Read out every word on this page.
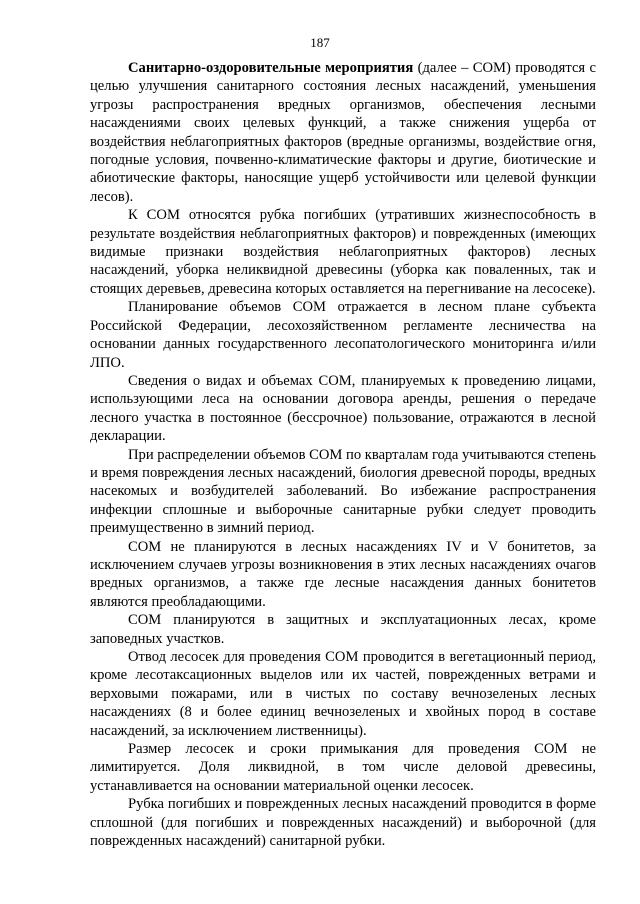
187

Санитарно-оздоровительные мероприятия (далее – СОМ) проводятся с целью улучшения санитарного состояния лесных насаждений, уменьшения угрозы распространения вредных организмов, обеспечения лесными насаждениями своих целевых функций, а также снижения ущерба от воздействия неблагоприятных факторов (вредные организмы, воздействие огня, погодные условия, почвенно-климатические факторы и другие, биотические и абиотические факторы, наносящие ущерб устойчивости или целевой функции лесов).

К СОМ относятся рубка погибших (утративших жизнеспособность в результате воздействия неблагоприятных факторов) и поврежденных (имеющих видимые признаки воздействия неблагоприятных факторов) лесных насаждений, уборка неликвидной древесины (уборка как поваленных, так и стоящих деревьев, древесина которых оставляется на перегнивание на лесосеке).

Планирование объемов СОМ отражается в лесном плане субъекта Российской Федерации, лесохозяйственном регламенте лесничества на основании данных государственного лесопатологического мониторинга и/или ЛПО.

Сведения о видах и объемах СОМ, планируемых к проведению лицами, использующими леса на основании договора аренды, решения о передаче лесного участка в постоянное (бессрочное) пользование, отражаются в лесной декларации.

При распределении объемов СОМ по кварталам года учитываются степень и время повреждения лесных насаждений, биология древесной породы, вредных насекомых и возбудителей заболеваний. Во избежание распространения инфекции сплошные и выборочные санитарные рубки следует проводить преимущественно в зимний период.

СОМ не планируются в лесных насаждениях IV и V бонитетов, за исключением случаев угрозы возникновения в этих лесных насаждениях очагов вредных организмов, а также где лесные насаждения данных бонитетов являются преобладающими.

СОМ планируются в защитных и эксплуатационных лесах, кроме заповедных участков.

Отвод лесосек для проведения СОМ проводится в вегетационный период, кроме лесотаксационных выделов или их частей, поврежденных ветрами и верховыми пожарами, или в чистых по составу вечнозеленых лесных насаждениях (8 и более единиц вечнозеленых и хвойных пород в составе насаждений, за исключением лиственницы).

Размер лесосек и сроки примыкания для проведения СОМ не лимитируется. Доля ликвидной, в том числе деловой древесины, устанавливается на основании материальной оценки лесосек.

Рубка погибших и поврежденных лесных насаждений проводится в форме сплошной (для погибших и поврежденных насаждений) и выборочной (для поврежденных насаждений) санитарной рубки.
